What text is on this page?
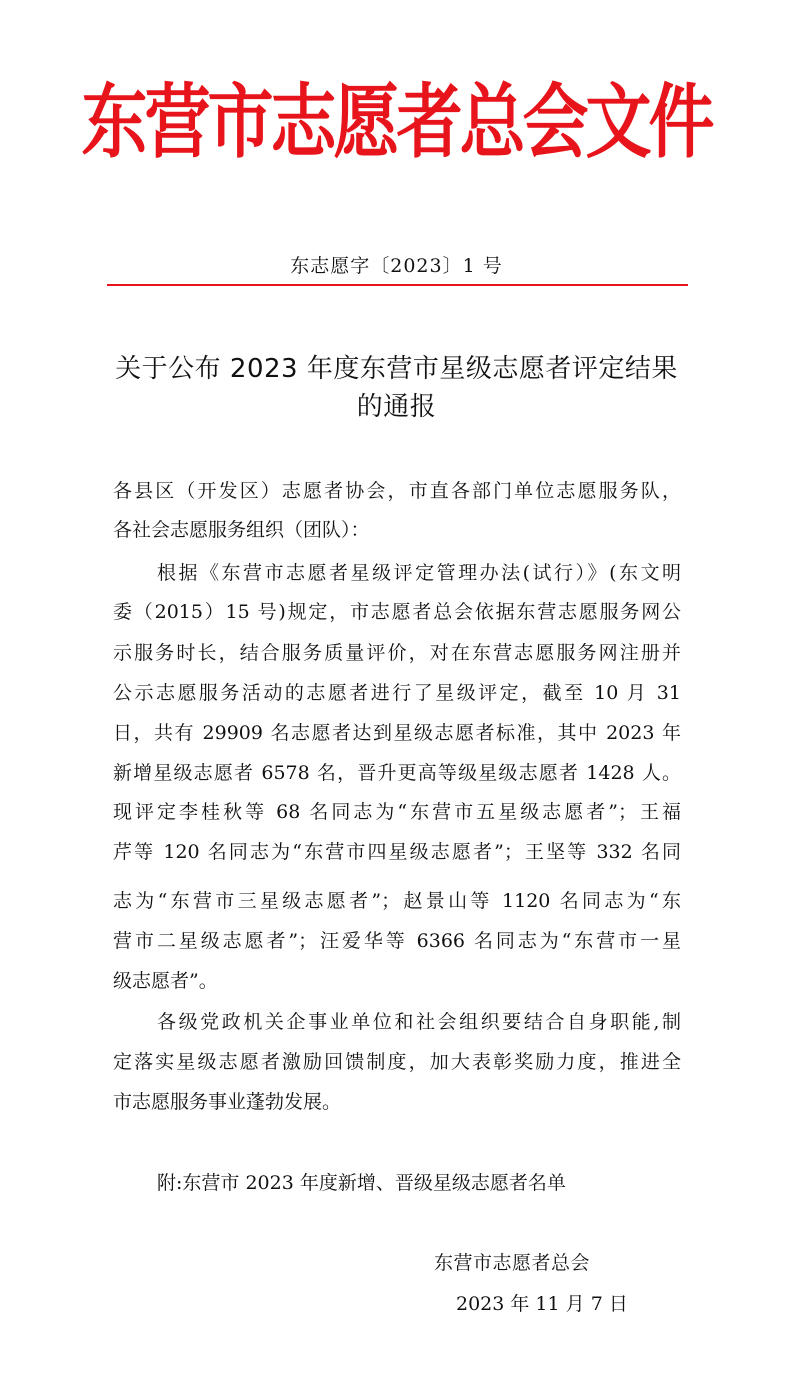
东营市志愿者总会文件
东志愿字〔2023〕1 号
关于公布 2023 年度东营市星级志愿者评定结果的通报
各县区（开发区）志愿者协会，市直各部门单位志愿服务队，
各社会志愿服务组织（团队）：
根据《东营市志愿者星级评定管理办法(试行）》(东文明
委（2015）15 号)规定，市志愿者总会依据东营志愿服务网公
示服务时长，结合服务质量评价，对在东营志愿服务网注册并
公示志愿服务活动的志愿者进行了星级评定，截至 10 月 31
日，共有 29909 名志愿者达到星级志愿者标准，其中 2023 年
新增星级志愿者 6578 名，晋升更高等级星级志愿者 1428 人。
现评定李桂秋等 68 名同志为“东营市五星级志愿者”；王福
芹等 120 名同志为“东营市四星级志愿者”；王坚等 332 名同
志为“东营市三星级志愿者”；赵景山等 1120 名同志为“东
营市二星级志愿者”；汪爱华等 6366 名同志为“东营市一星
级志愿者”。
各级党政机关企事业单位和社会组织要结合自身职能,制
定落实星级志愿者激励回馈制度，加大表彰奖励力度，推进全
市志愿服务事业蓬勃发展。
附:东营市 2023 年度新增、晋级星级志愿者名单
东营市志愿者总会
2023 年 11 月 7 日
